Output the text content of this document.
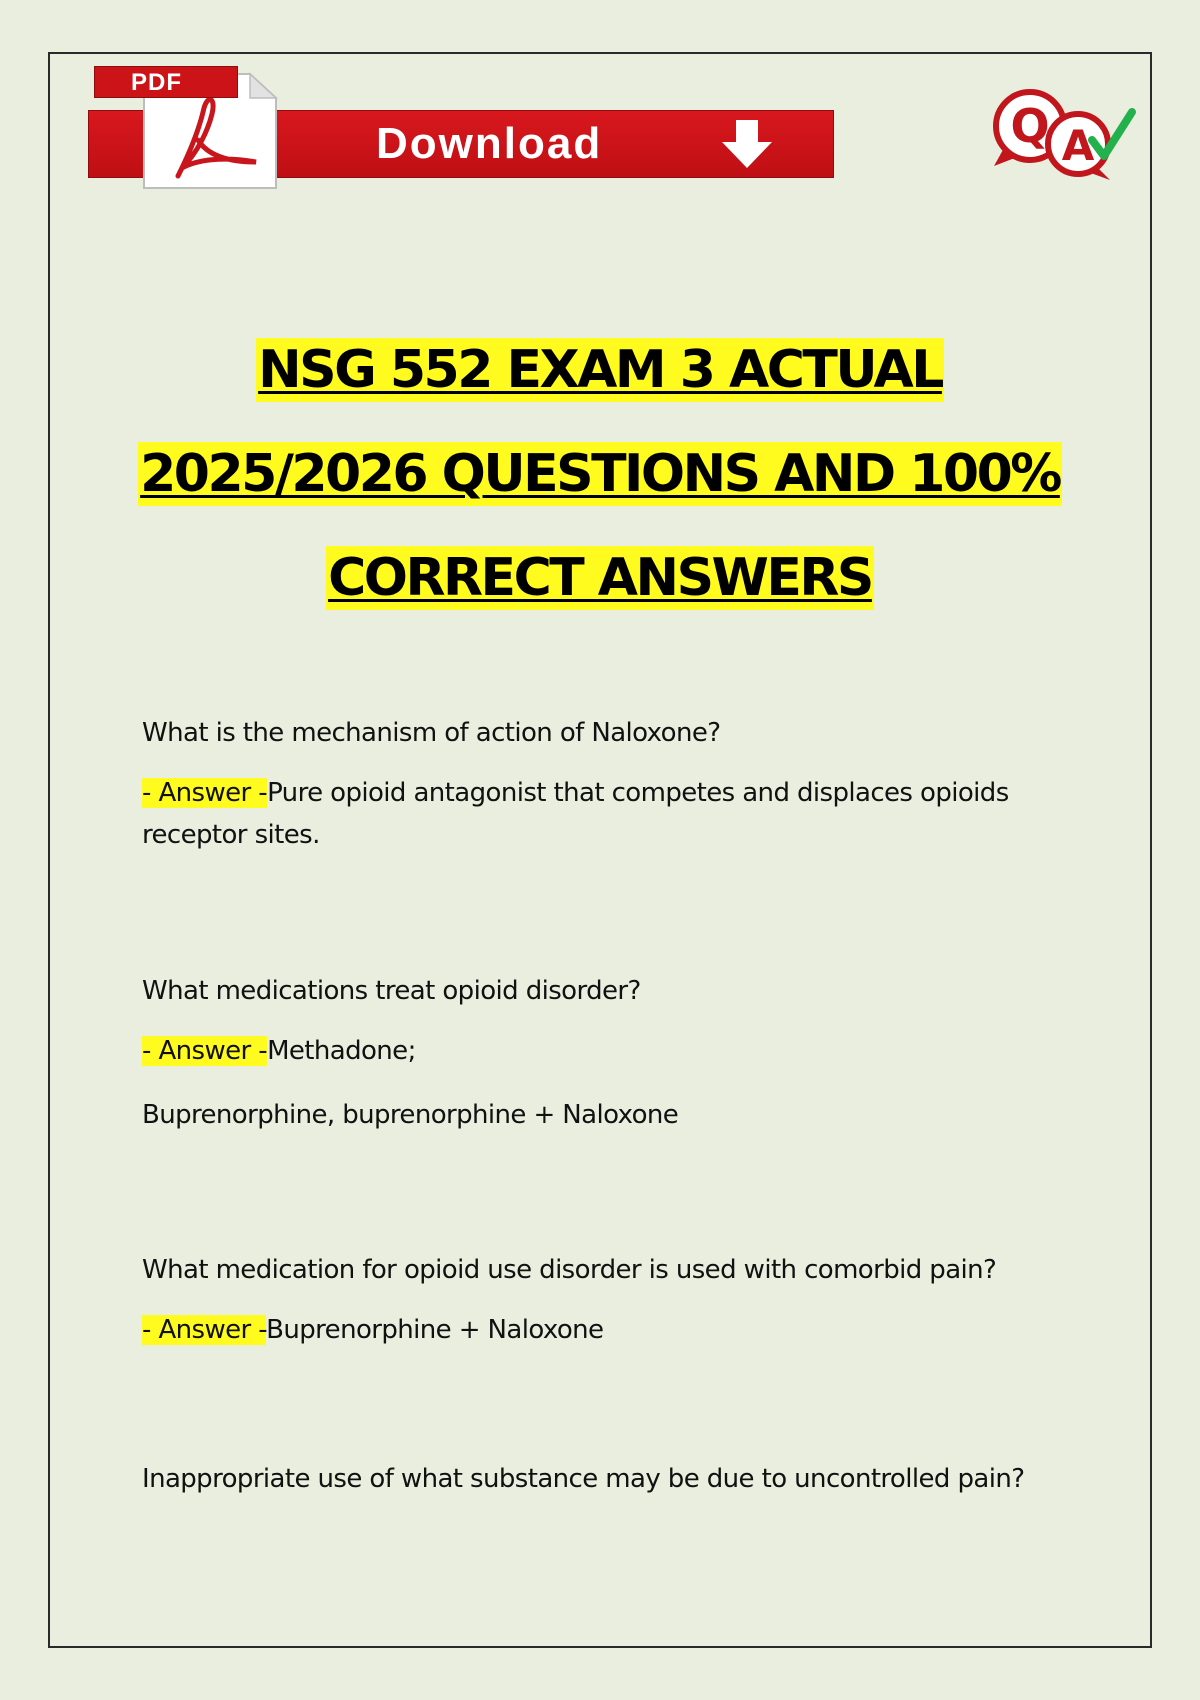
PDF
Download	Q A
NSG 552 EXAM 3 ACTUAL
2025/2026 QUESTIONS AND 100%
CORRECT ANSWERS

What is the mechanism of action of Naloxone?

- Answer -Pure opioid antagonist that competes and displaces opioids

receptor sites.

What medications treat opioid disorder?

- Answer -Methadone;

Buprenorphine, buprenorphine + Naloxone

What medication for opioid use disorder is used with comorbid pain?

- Answer -Buprenorphine + Naloxone

Inappropriate use of what substance may be due to uncontrolled pain?
